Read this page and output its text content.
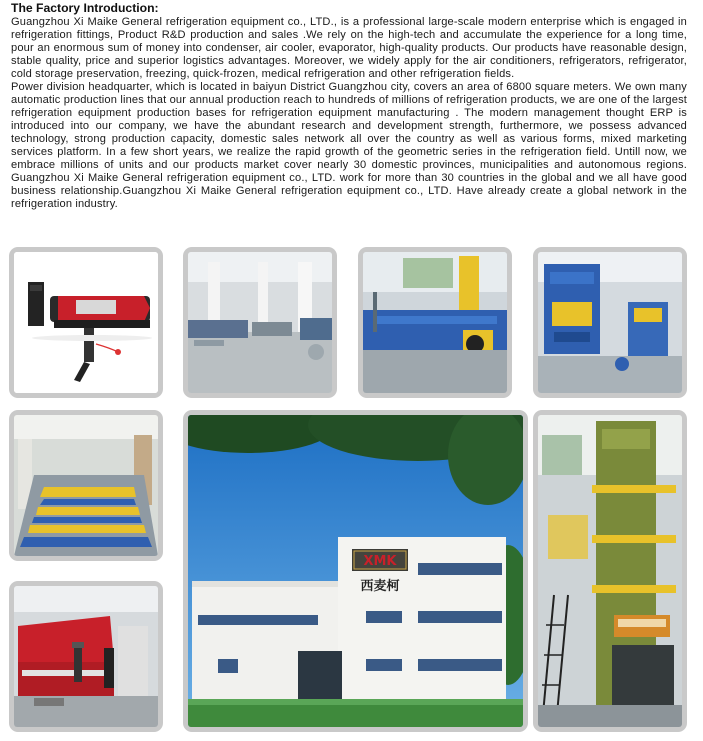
The Factory Introduction:

Guangzhou Xi Maike General refrigeration equipment co., LTD., is a professional large-scale modern enterprise which is engaged in refrigeration fittings, Product R&D production and sales .We rely on the high-tech and accumulate the experience for a long time, pour an enormous sum of money into condenser, air cooler, evaporator, high-quality products. Our products have reasonable design, stable quality, price and superior logistics advantages. Moreover, we widely apply for the air conditioners, refrigerators, refrigerator, cold storage preservation, freezing, quick-frozen, medical refrigeration and other refrigeration fields.

Power division headquarter, which is located in baiyun District Guangzhou city, covers an area of 6800 square meters. We own many automatic production lines that our annual production reach to hundreds of millions of refrigeration products, we are one of the largest refrigeration equipment production bases for refrigeration equipment manufacturing . The modern management thought ERP is introduced into our company, we have the abundant research and development strength, furthermore, we possess advanced technology, strong production capacity, domestic sales network all over the country as well as various forms, mixed marketing services platform. In a few short years, we realize the rapid growth of the geometric series in the refrigeration field. Untill now, we embrace millions of units and our products market cover nearly 30 domestic provinces, municipalities and autonomous regions. Guangzhou Xi Maike General refrigeration equipment co., LTD. work for more than 30 countries in the global and we all have good business relationship.Guangzhou Xi Maike General refrigeration equipment co., LTD. Have already create a global network in the refrigeration industry.

XMK
西麦柯
